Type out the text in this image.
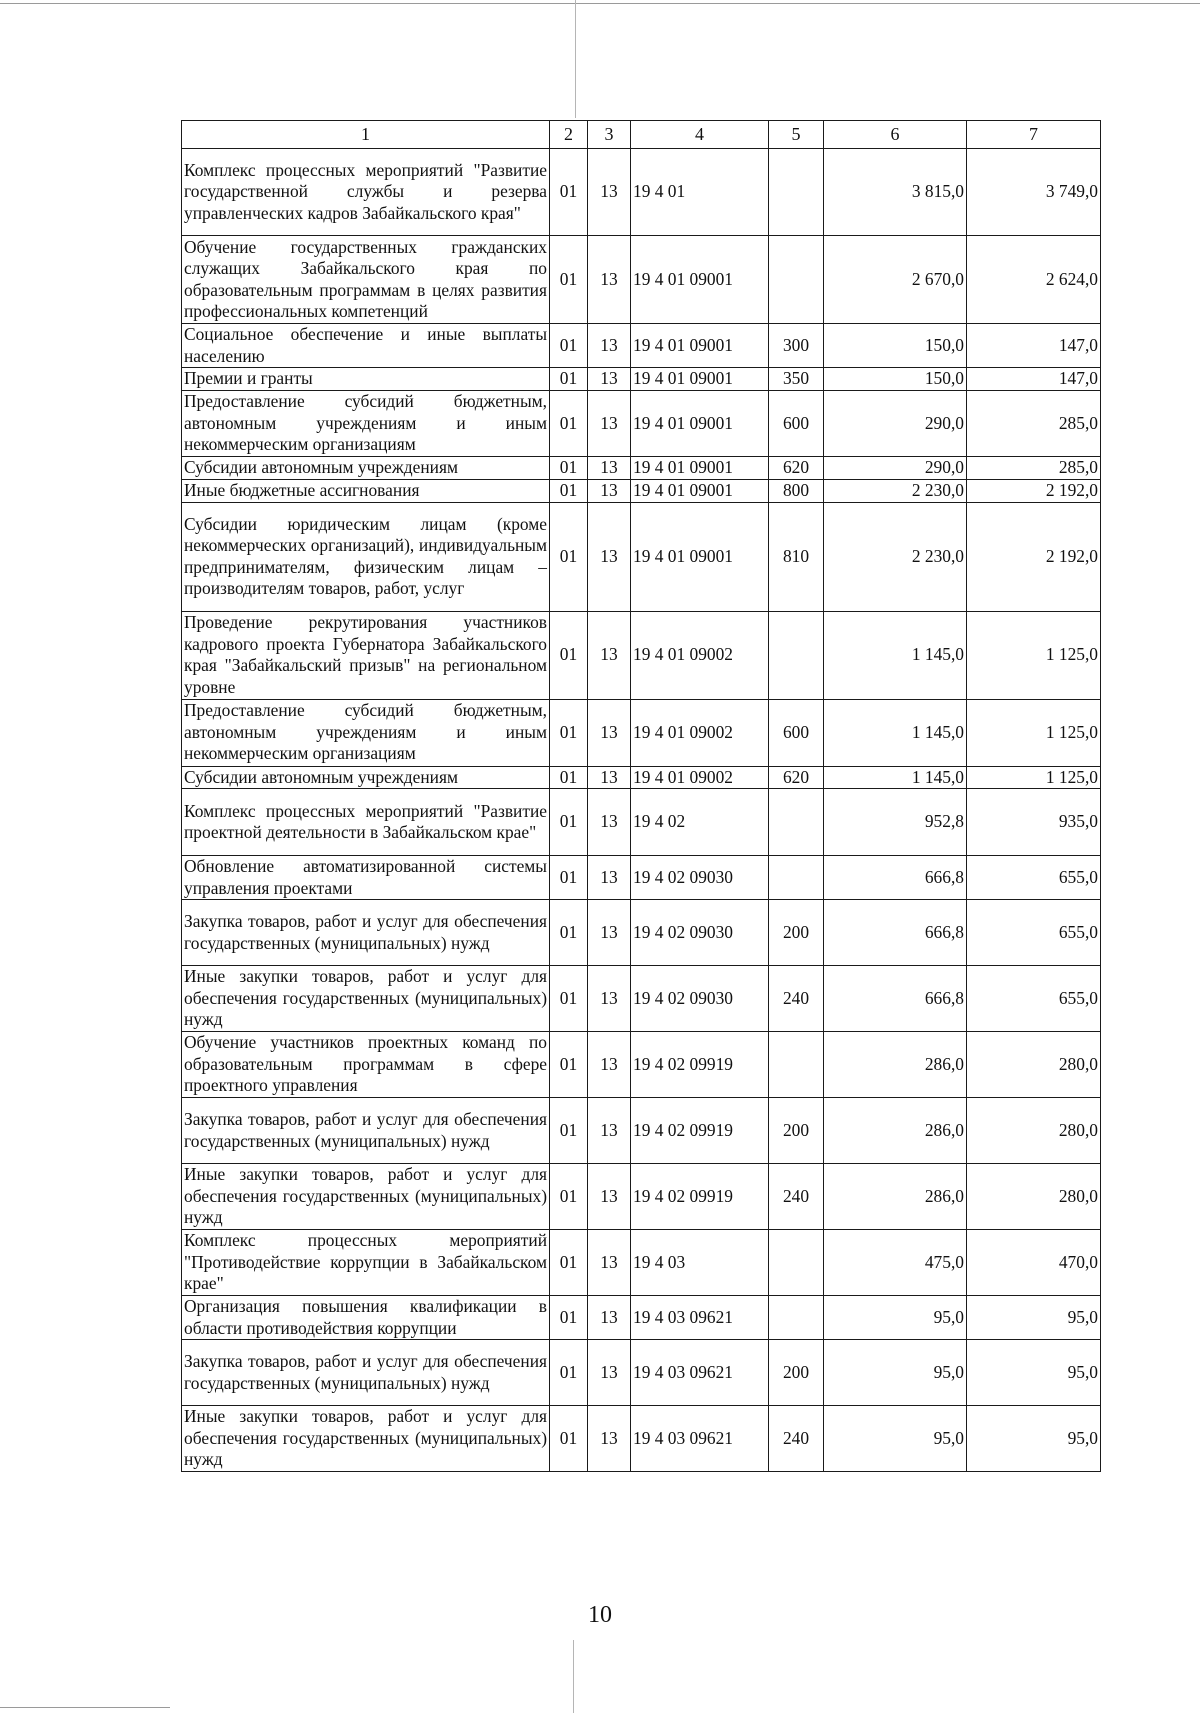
1	2	3	4	5	6	7
Комплекс процессных мероприятий "Развитие государственной службы и резерва управленческих кадров Забайкальского края"	01	13	19 4 01		3 815,0	3 749,0
Обучение государственных гражданских служащих Забайкальского края по образовательным программам в целях развития профессиональных компетенций	01	13	19 4 01 09001		2 670,0	2 624,0
Социальное обеспечение и иные выплаты населению	01	13	19 4 01 09001	300	150,0	147,0
Премии и гранты	01	13	19 4 01 09001	350	150,0	147,0
Предоставление субсидий бюджетным, автономным учреждениям и иным некоммерческим организациям	01	13	19 4 01 09001	600	290,0	285,0
Субсидии автономным учреждениям	01	13	19 4 01 09001	620	290,0	285,0
Иные бюджетные ассигнования	01	13	19 4 01 09001	800	2 230,0	2 192,0
Субсидии юридическим лицам (кроме некоммерческих организаций), индивидуальным предпринимателям, физическим лицам – производителям товаров, работ, услуг	01	13	19 4 01 09001	810	2 230,0	2 192,0
Проведение рекрутирования участников кадрового проекта Губернатора Забайкальского края "Забайкальский призыв" на региональном уровне	01	13	19 4 01 09002		1 145,0	1 125,0
Предоставление субсидий бюджетным, автономным учреждениям и иным некоммерческим организациям	01	13	19 4 01 09002	600	1 145,0	1 125,0
Субсидии автономным учреждениям	01	13	19 4 01 09002	620	1 145,0	1 125,0
Комплекс процессных мероприятий "Развитие проектной деятельности в Забайкальском крае"	01	13	19 4 02		952,8	935,0
Обновление автоматизированной системы управления проектами	01	13	19 4 02 09030		666,8	655,0
Закупка товаров, работ и услуг для обеспечения государственных (муниципальных) нужд	01	13	19 4 02 09030	200	666,8	655,0
Иные закупки товаров, работ и услуг для обеспечения государственных (муниципальных) нужд	01	13	19 4 02 09030	240	666,8	655,0
Обучение участников проектных команд по образовательным программам в сфере проектного управления	01	13	19 4 02 09919		286,0	280,0
Закупка товаров, работ и услуг для обеспечения государственных (муниципальных) нужд	01	13	19 4 02 09919	200	286,0	280,0
Иные закупки товаров, работ и услуг для обеспечения государственных (муниципальных) нужд	01	13	19 4 02 09919	240	286,0	280,0
Комплекс процессных мероприятий "Противодействие коррупции в Забайкальском крае"	01	13	19 4 03		475,0	470,0
Организация повышения квалификации в области противодействия коррупции	01	13	19 4 03 09621		95,0	95,0
Закупка товаров, работ и услуг для обеспечения государственных (муниципальных) нужд	01	13	19 4 03 09621	200	95,0	95,0
Иные закупки товаров, работ и услуг для обеспечения государственных (муниципальных) нужд	01	13	19 4 03 09621	240	95,0	95,0
10
